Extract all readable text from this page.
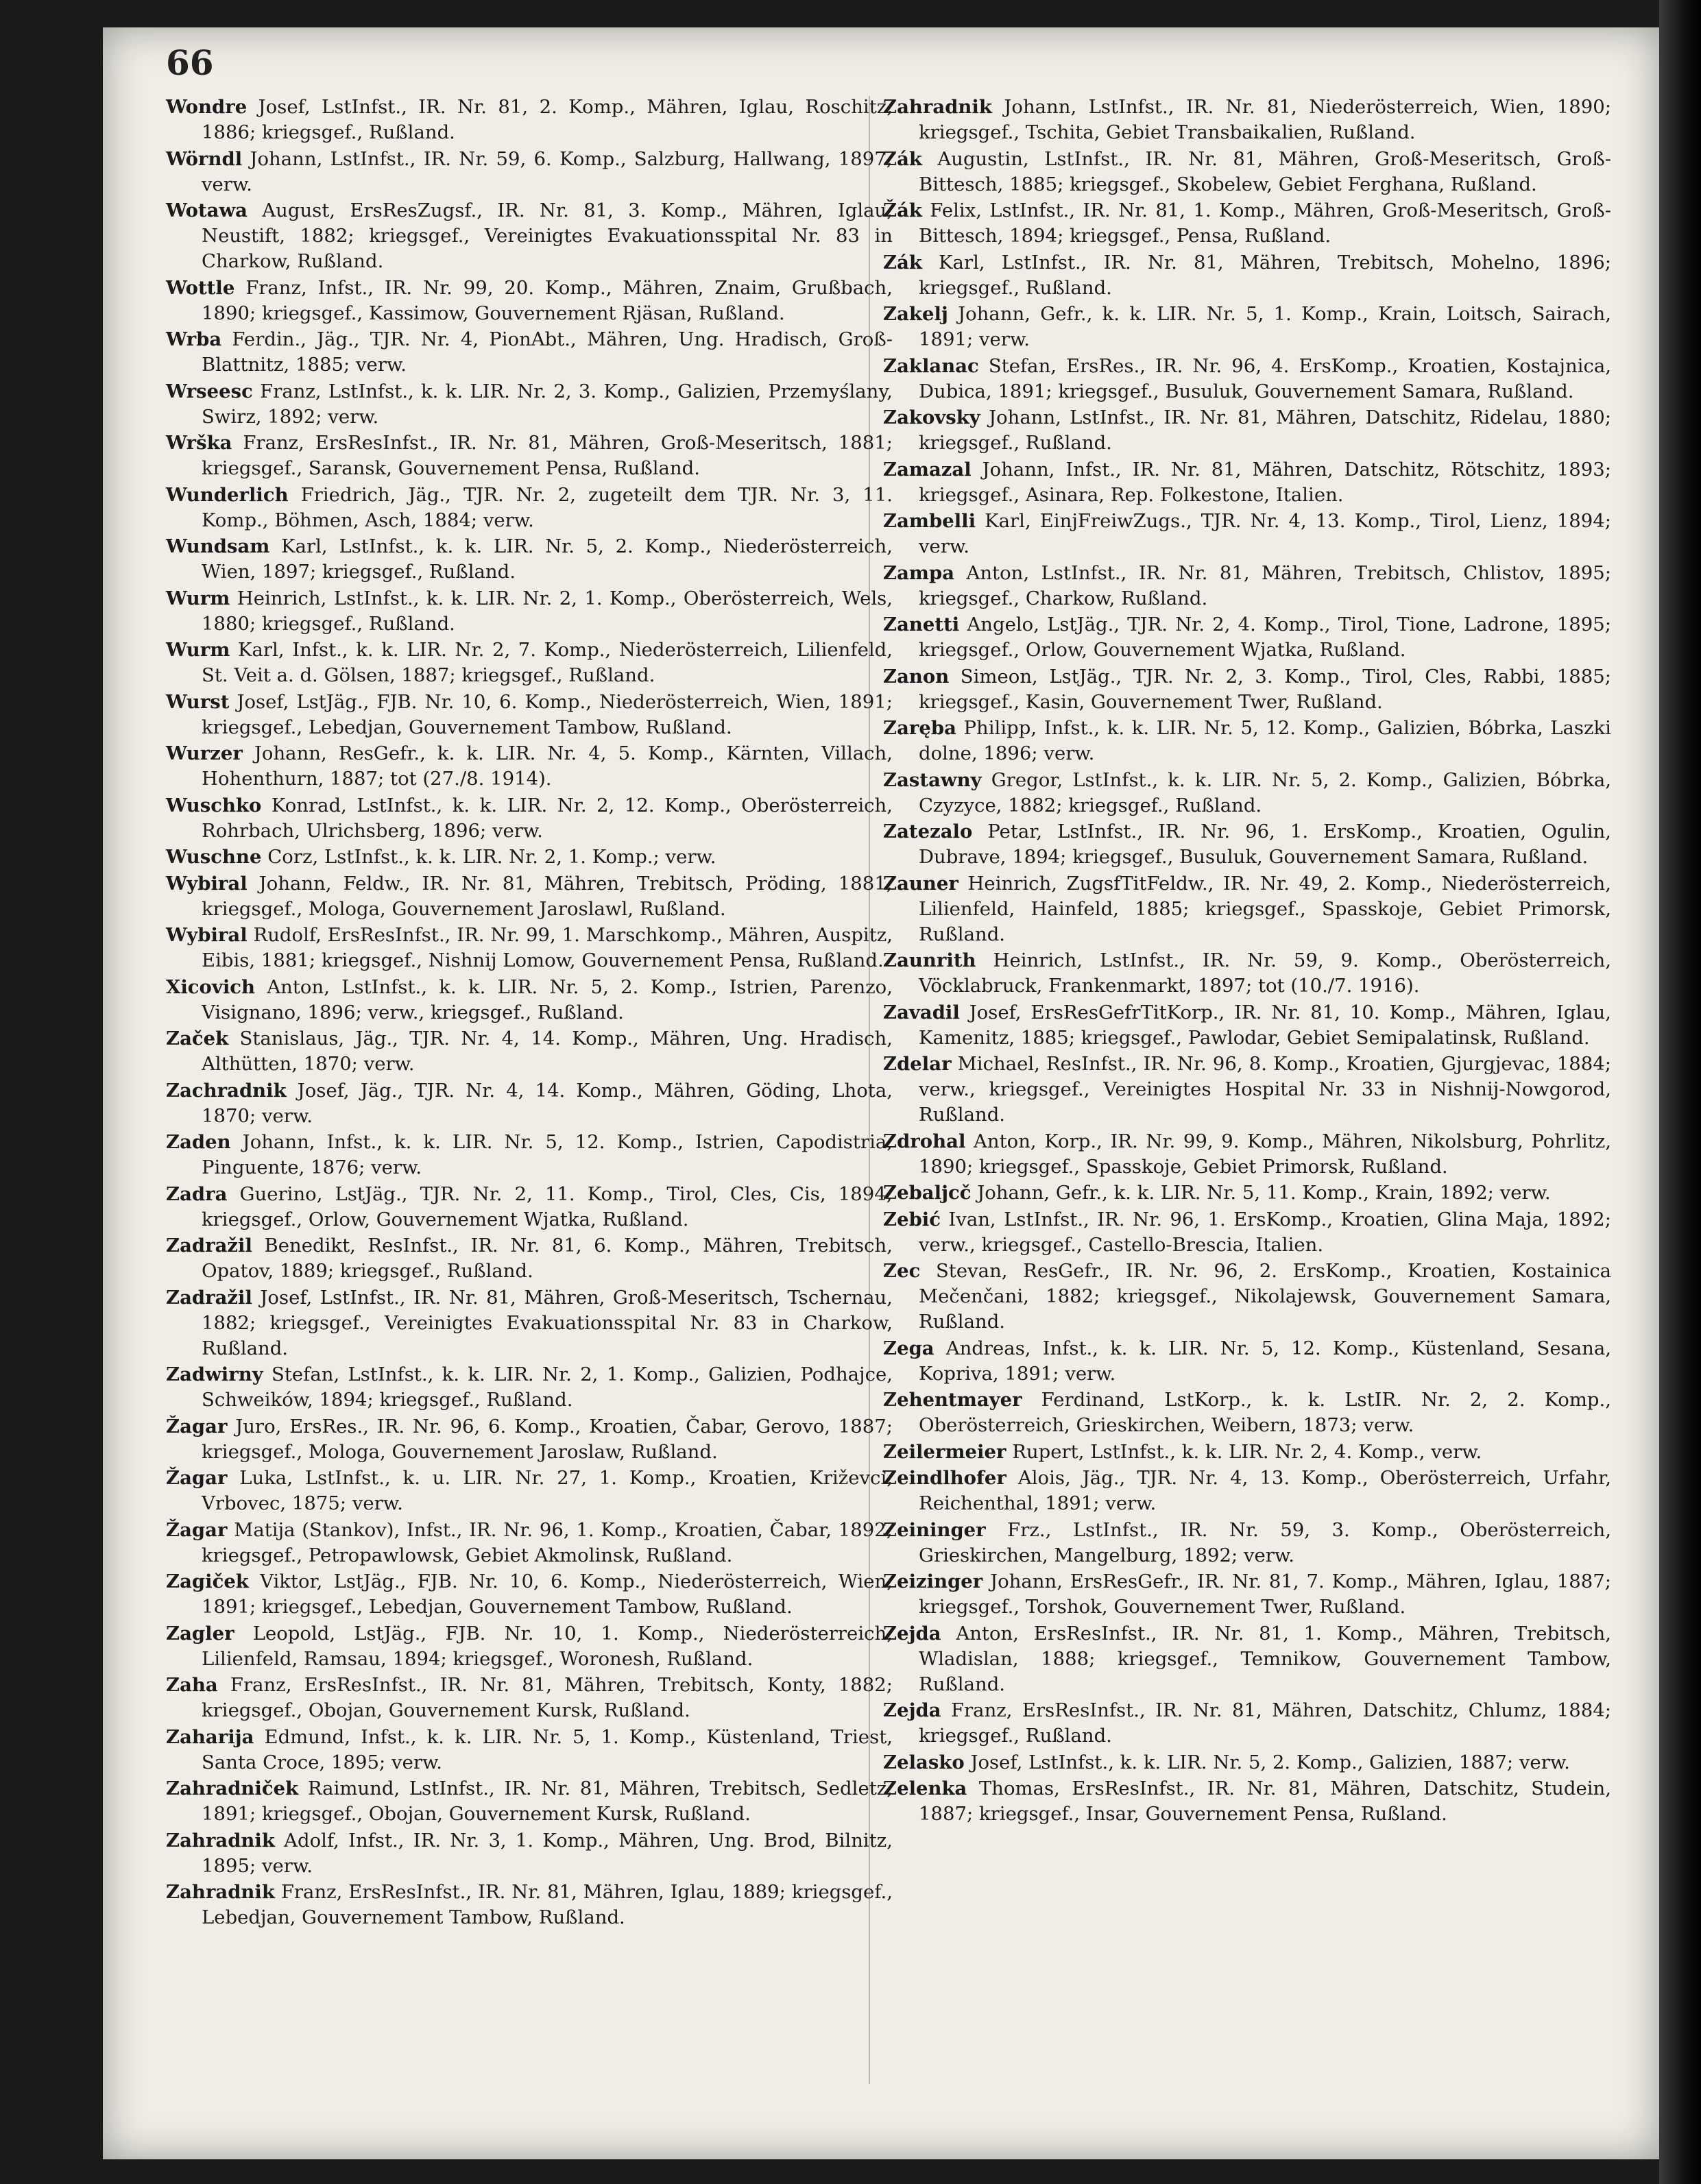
66

Wondre Josef, LstInfst., IR. Nr. 81, 2. Komp., Mähren, Iglau, Roschitz, 1886; kriegsgef., Rußland.

Wörndl Johann, LstInfst., IR. Nr. 59, 6. Komp., Salzburg, Hallwang, 1897; verw.

Wotawa August, ErsResZugsf., IR. Nr. 81, 3. Komp., Mähren, Iglau, Neustift, 1882; kriegsgef., Vereinigtes Evakuationsspital Nr. 83 in Charkow, Rußland.

Wottle Franz, Infst., IR. Nr. 99, 20. Komp., Mähren, Znaim, Grußbach, 1890; kriegsgef., Kassimow, Gouvernement Rjäsan, Rußland.

Wrba Ferdin., Jäg., TJR. Nr. 4, PionAbt., Mähren, Ung. Hradisch, Groß-Blattnitz, 1885; verw.

Wrseesc Franz, LstInfst., k. k. LIR. Nr. 2, 3. Komp., Galizien, Przemyślany, Swirz, 1892; verw.

Wrška Franz, ErsResInfst., IR. Nr. 81, Mähren, Groß-Meseritsch, 1881; kriegsgef., Saransk, Gouvernement Pensa, Rußland.

Wunderlich Friedrich, Jäg., TJR. Nr. 2, zugeteilt dem TJR. Nr. 3, 11. Komp., Böhmen, Asch, 1884; verw.

Wundsam Karl, LstInfst., k. k. LIR. Nr. 5, 2. Komp., Niederösterreich, Wien, 1897; kriegsgef., Rußland.

Wurm Heinrich, LstInfst., k. k. LIR. Nr. 2, 1. Komp., Oberösterreich, Wels, 1880; kriegsgef., Rußland.

Wurm Karl, Infst., k. k. LIR. Nr. 2, 7. Komp., Niederösterreich, Lilienfeld, St. Veit a. d. Gölsen, 1887; kriegsgef., Rußland.

Wurst Josef, LstJäg., FJB. Nr. 10, 6. Komp., Niederösterreich, Wien, 1891; kriegsgef., Lebedjan, Gouvernement Tambow, Rußland.

Wurzer Johann, ResGefr., k. k. LIR. Nr. 4, 5. Komp., Kärnten, Villach, Hohenthurn, 1887; tot (27./8. 1914).

Wuschko Konrad, LstInfst., k. k. LIR. Nr. 2, 12. Komp., Oberösterreich, Rohrbach, Ulrichsberg, 1896; verw.

Wuschne Corz, LstInfst., k. k. LIR. Nr. 2, 1. Komp.; verw.

Wybiral Johann, Feldw., IR. Nr. 81, Mähren, Trebitsch, Pröding, 1881; kriegsgef., Mologa, Gouvernement Jaroslawl, Rußland.

Wybiral Rudolf, ErsResInfst., IR. Nr. 99, 1. Marschkomp., Mähren, Auspitz, Eibis, 1881; kriegsgef., Nishnij Lomow, Gouvernement Pensa, Rußland.

Xicovich Anton, LstInfst., k. k. LIR. Nr. 5, 2. Komp., Istrien, Parenzo, Visignano, 1896; verw., kriegsgef., Rußland.

Začek Stanislaus, Jäg., TJR. Nr. 4, 14. Komp., Mähren, Ung. Hradisch, Althütten, 1870; verw.

Zachradnik Josef, Jäg., TJR. Nr. 4, 14. Komp., Mähren, Göding, Lhota, 1870; verw.

Zaden Johann, Infst., k. k. LIR. Nr. 5, 12. Komp., Istrien, Capodistria, Pinguente, 1876; verw.

Zadra Guerino, LstJäg., TJR. Nr. 2, 11. Komp., Tirol, Cles, Cis, 1894; kriegsgef., Orlow, Gouvernement Wjatka, Rußland.

Zadražil Benedikt, ResInfst., IR. Nr. 81, 6. Komp., Mähren, Trebitsch, Opatov, 1889; kriegsgef., Rußland.

Zadražil Josef, LstInfst., IR. Nr. 81, Mähren, Groß-Meseritsch, Tschernau, 1882; kriegsgef., Vereinigtes Evakuationsspital Nr. 83 in Charkow, Rußland.

Zadwirny Stefan, LstInfst., k. k. LIR. Nr. 2, 1. Komp., Galizien, Podhajce, Schweików, 1894; kriegsgef., Rußland.

Žagar Juro, ErsRes., IR. Nr. 96, 6. Komp., Kroatien, Čabar, Gerovo, 1887; kriegsgef., Mologa, Gouvernement Jaroslaw, Rußland.

Žagar Luka, LstInfst., k. u. LIR. Nr. 27, 1. Komp., Kroatien, Križevci, Vrbovec, 1875; verw.

Žagar Matija (Stankov), Infst., IR. Nr. 96, 1. Komp., Kroatien, Čabar, 1892; kriegsgef., Petropawlowsk, Gebiet Akmolinsk, Rußland.

Zagiček Viktor, LstJäg., FJB. Nr. 10, 6. Komp., Niederösterreich, Wien, 1891; kriegsgef., Lebedjan, Gouvernement Tambow, Rußland.

Zagler Leopold, LstJäg., FJB. Nr. 10, 1. Komp., Niederösterreich, Lilienfeld, Ramsau, 1894; kriegsgef., Woronesh, Rußland.

Zaha Franz, ErsResInfst., IR. Nr. 81, Mähren, Trebitsch, Konty, 1882; kriegsgef., Obojan, Gouvernement Kursk, Rußland.

Zaharija Edmund, Infst., k. k. LIR. Nr. 5, 1. Komp., Küstenland, Triest, Santa Croce, 1895; verw.

Zahradniček Raimund, LstInfst., IR. Nr. 81, Mähren, Trebitsch, Sedletz, 1891; kriegsgef., Obojan, Gouvernement Kursk, Rußland.

Zahradnik Adolf, Infst., IR. Nr. 3, 1. Komp., Mähren, Ung. Brod, Bilnitz, 1895; verw.

Zahradnik Franz, ErsResInfst., IR. Nr. 81, Mähren, Iglau, 1889; kriegsgef., Lebedjan, Gouvernement Tambow, Rußland.

Zahradnik Johann, LstInfst., IR. Nr. 81, Niederösterreich, Wien, 1890; kriegsgef., Tschita, Gebiet Transbaikalien, Rußland.

Zák Augustin, LstInfst., IR. Nr. 81, Mähren, Groß-Meseritsch, Groß-Bittesch, 1885; kriegsgef., Skobelew, Gebiet Ferghana, Rußland.

Žák Felix, LstInfst., IR. Nr. 81, 1. Komp., Mähren, Groß-Meseritsch, Groß-Bittesch, 1894; kriegsgef., Pensa, Rußland.

Zák Karl, LstInfst., IR. Nr. 81, Mähren, Trebitsch, Mohelno, 1896; kriegsgef., Rußland.

Zakelj Johann, Gefr., k. k. LIR. Nr. 5, 1. Komp., Krain, Loitsch, Sairach, 1891; verw.

Zaklanac Stefan, ErsRes., IR. Nr. 96, 4. ErsKomp., Kroatien, Kostajnica, Dubica, 1891; kriegsgef., Busuluk, Gouvernement Samara, Rußland.

Zakovsky Johann, LstInfst., IR. Nr. 81, Mähren, Datschitz, Ridelau, 1880; kriegsgef., Rußland.

Zamazal Johann, Infst., IR. Nr. 81, Mähren, Datschitz, Rötschitz, 1893; kriegsgef., Asinara, Rep. Folkestone, Italien.

Zambelli Karl, EinjFreiwZugs., TJR. Nr. 4, 13. Komp., Tirol, Lienz, 1894; verw.

Zampa Anton, LstInfst., IR. Nr. 81, Mähren, Trebitsch, Chlistov, 1895; kriegsgef., Charkow, Rußland.

Zanetti Angelo, LstJäg., TJR. Nr. 2, 4. Komp., Tirol, Tione, Ladrone, 1895; kriegsgef., Orlow, Gouvernement Wjatka, Rußland.

Zanon Simeon, LstJäg., TJR. Nr. 2, 3. Komp., Tirol, Cles, Rabbi, 1885; kriegsgef., Kasin, Gouvernement Twer, Rußland.

Zaręba Philipp, Infst., k. k. LIR. Nr. 5, 12. Komp., Galizien, Bóbrka, Laszki dolne, 1896; verw.

Zastawny Gregor, LstInfst., k. k. LIR. Nr. 5, 2. Komp., Galizien, Bóbrka, Czyzyce, 1882; kriegsgef., Rußland.

Zatezalo Petar, LstInfst., IR. Nr. 96, 1. ErsKomp., Kroatien, Ogulin, Dubrave, 1894; kriegsgef., Busuluk, Gouvernement Samara, Rußland.

Zauner Heinrich, ZugsfTitFeldw., IR. Nr. 49, 2. Komp., Niederösterreich, Lilienfeld, Hainfeld, 1885; kriegsgef., Spasskoje, Gebiet Primorsk, Rußland.

Zaunrith Heinrich, LstInfst., IR. Nr. 59, 9. Komp., Oberösterreich, Vöcklabruck, Frankenmarkt, 1897; tot (10./7. 1916).

Zavadil Josef, ErsResGefrTitKorp., IR. Nr. 81, 10. Komp., Mähren, Iglau, Kamenitz, 1885; kriegsgef., Pawlodar, Gebiet Semipalatinsk, Rußland.

Zdelar Michael, ResInfst., IR. Nr. 96, 8. Komp., Kroatien, Gjurgjevac, 1884; verw., kriegsgef., Vereinigtes Hospital Nr. 33 in Nishnij-Nowgorod, Rußland.

Zdrohal Anton, Korp., IR. Nr. 99, 9. Komp., Mähren, Nikolsburg, Pohrlitz, 1890; kriegsgef., Spasskoje, Gebiet Primorsk, Rußland.

Zebaljcč Johann, Gefr., k. k. LIR. Nr. 5, 11. Komp., Krain, 1892; verw.

Zebić Ivan, LstInfst., IR. Nr. 96, 1. ErsKomp., Kroatien, Glina Maja, 1892; verw., kriegsgef., Castello-Brescia, Italien.

Zec Stevan, ResGefr., IR. Nr. 96, 2. ErsKomp., Kroatien, Kostainica Mečenčani, 1882; kriegsgef., Nikolajewsk, Gouvernement Samara, Rußland.

Zega Andreas, Infst., k. k. LIR. Nr. 5, 12. Komp., Küstenland, Sesana, Kopriva, 1891; verw.

Zehentmayer Ferdinand, LstKorp., k. k. LstIR. Nr. 2, 2. Komp., Oberösterreich, Grieskirchen, Weibern, 1873; verw.

Zeilermeier Rupert, LstInfst., k. k. LIR. Nr. 2, 4. Komp., verw.

Zeindlhofer Alois, Jäg., TJR. Nr. 4, 13. Komp., Oberösterreich, Urfahr, Reichenthal, 1891; verw.

Zeininger Frz., LstInfst., IR. Nr. 59, 3. Komp., Oberösterreich, Grieskirchen, Mangelburg, 1892; verw.

Zeizinger Johann, ErsResGefr., IR. Nr. 81, 7. Komp., Mähren, Iglau, 1887; kriegsgef., Torshok, Gouvernement Twer, Rußland.

Zejda Anton, ErsResInfst., IR. Nr. 81, 1. Komp., Mähren, Trebitsch, Wladislan, 1888; kriegsgef., Temnikow, Gouvernement Tambow, Rußland.

Zejda Franz, ErsResInfst., IR. Nr. 81, Mähren, Datschitz, Chlumz, 1884; kriegsgef., Rußland.

Zelasko Josef, LstInfst., k. k. LIR. Nr. 5, 2. Komp., Galizien, 1887; verw.

Zelenka Thomas, ErsResInfst., IR. Nr. 81, Mähren, Datschitz, Studein, 1887; kriegsgef., Insar, Gouvernement Pensa, Rußland.
